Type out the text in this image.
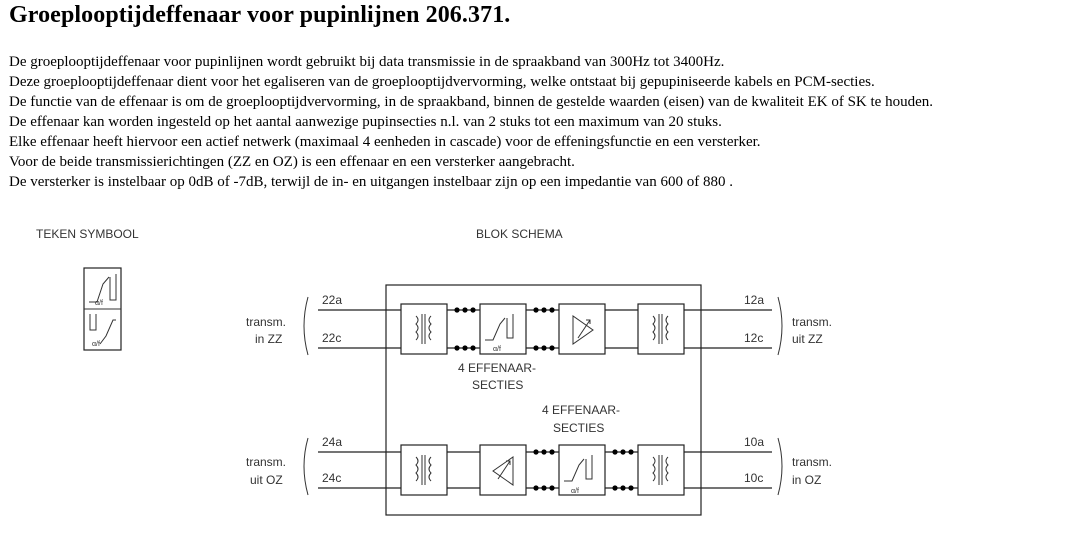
Groeplooptijdeffenaar voor pupinlijnen 206.371.
De groeplooptijdeffenaar voor pupinlijnen wordt gebruikt bij data transmissie in de spraakband van 300Hz tot 3400Hz.
Deze groeplooptijdeffenaar dient voor het egaliseren van de groeplooptijdvervorming, welke ontstaat bij gepupiniseerde kabels en PCM-secties.
De functie van de effenaar is om de groeplooptijdvervorming, in de spraakband, binnen de gestelde waarden (eisen) van de kwaliteit EK of SK te houden.
De effenaar kan worden ingesteld op het aantal aanwezige pupinsecties n.l. van 2 stuks tot een maximum van 20 stuks.
Elke effenaar heeft hiervoor een actief netwerk (maximaal 4 eenheden in cascade) voor de effeningsfunctie en een versterker.
Voor de beide transmissierichtingen (ZZ en OZ) is een effenaar en een versterker aangebracht.
De versterker is instelbaar op 0dB of -7dB, terwijl de in- en uitgangen instelbaar zijn op een impedantie van 600 of 880 .
TEKEN SYMBOOL	BLOK SCHEMA
α/f
α/f
transm.
in ZZ
22a
22c
α/f
12a
12c
transm.
uit ZZ
4 EFFENAAR-
SECTIES
4 EFFENAAR-
SECTIES
transm.
uit OZ
24a
24c
α/f
10a
10c
transm.
in OZ
